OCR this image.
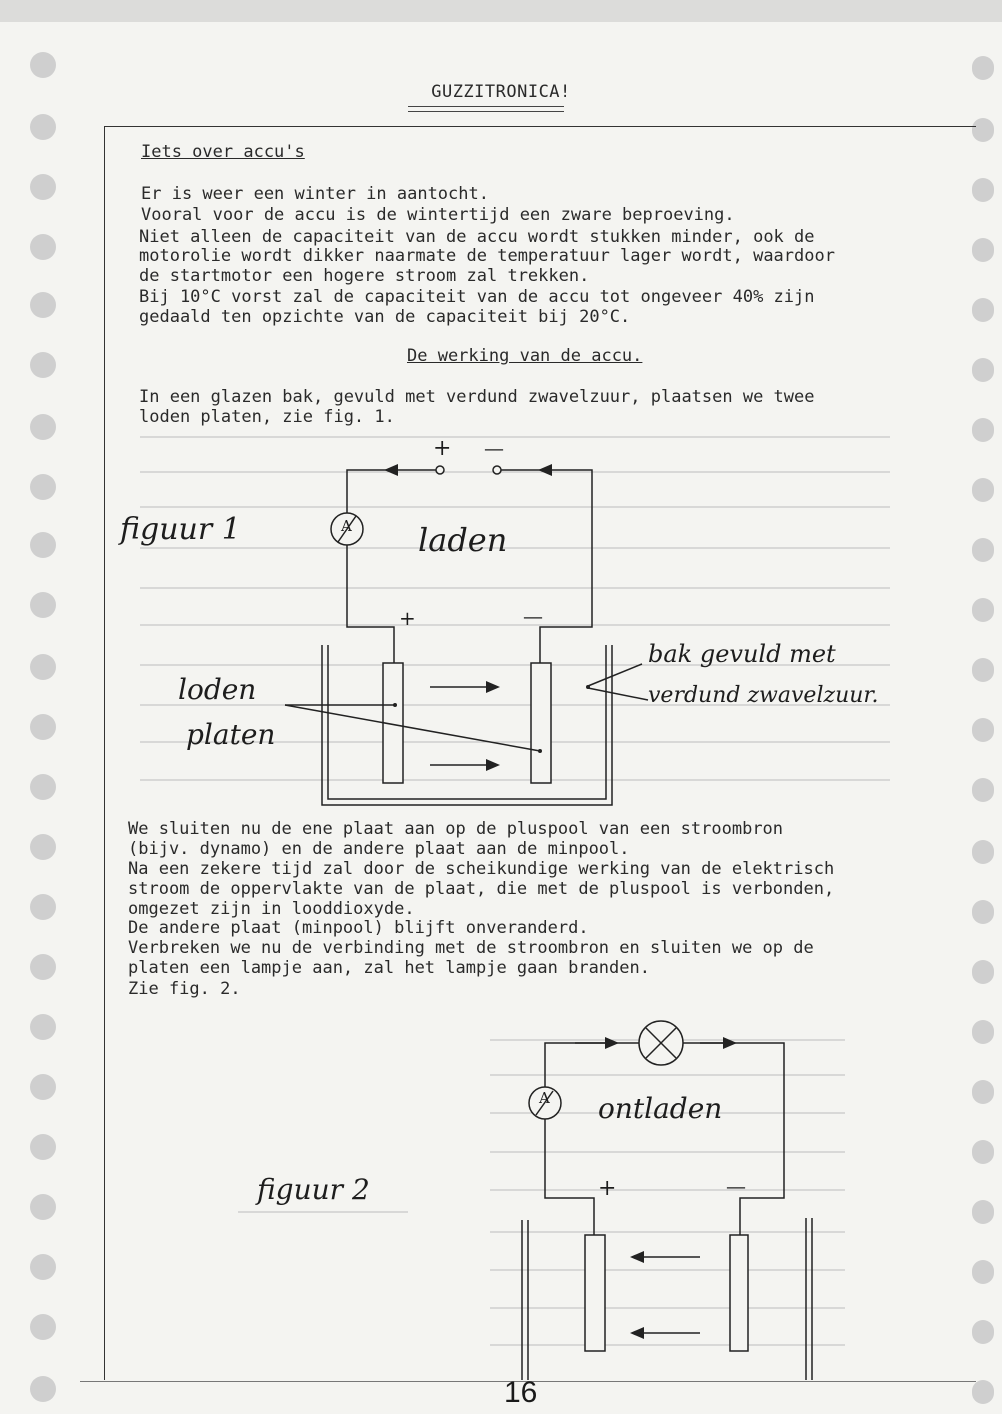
GUZZITRONICA!
Iets over accu's
Er is weer een winter in aantocht.
Vooral voor de accu is de wintertijd een zware beproeving.
Niet alleen de capaciteit van de accu wordt stukken minder, ook de
motorolie wordt dikker naarmate de temperatuur lager wordt, waardoor
de startmotor een hogere stroom zal trekken.
Bij 10°C vorst zal de capaciteit van de accu tot ongeveer 40% zijn
gedaald ten opzichte van de capaciteit bij 20°C.
De werking van de accu.
In een glazen bak, gevuld met verdund zwavelzuur, plaatsen we twee
loden platen, zie fig. 1.
+ —
A
figuur 1	laden
+	—
loden
platen
bak gevuld met
verdund zwavelzuur.
We sluiten nu de ene plaat aan op de pluspool van een stroombron
(bijv. dynamo) en de andere plaat aan de minpool.
Na een zekere tijd zal door de scheikundige werking van de elektrisch
stroom de oppervlakte van de plaat, die met de pluspool is verbonden,
omgezet zijn in looddioxyde.
De andere plaat (minpool) blijft onveranderd.
Verbreken we nu de verbinding met de stroombron en sluiten we op de
platen een lampje aan, zal het lampje gaan branden.
Zie fig. 2.
A ontladen
figuur 2	+	—
16
